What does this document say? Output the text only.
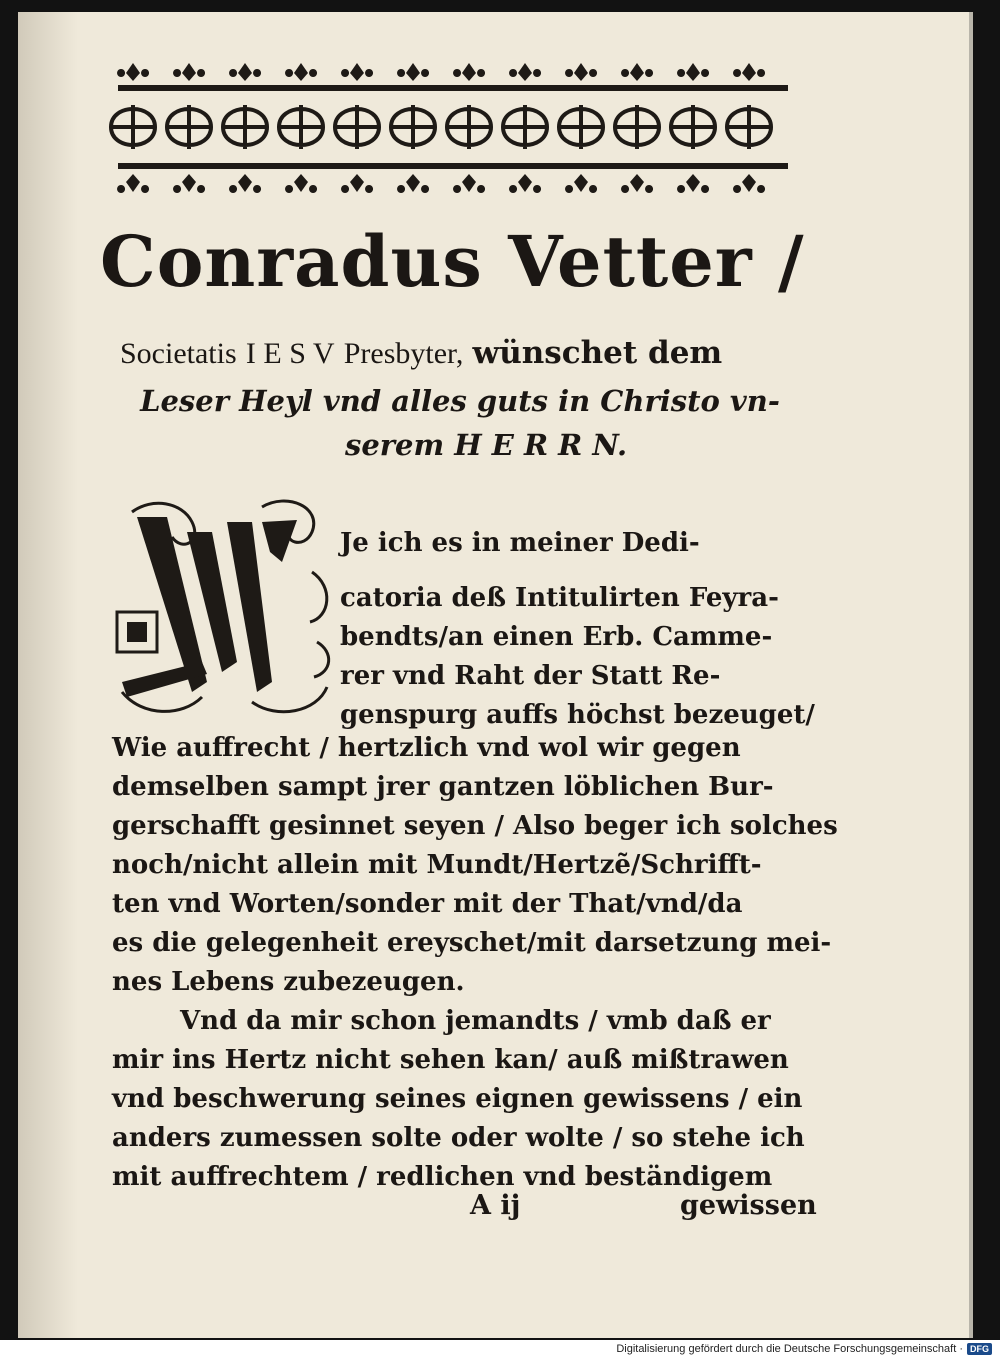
Conradus Vetter /
Societatis I E S V Presbyter, wünschet dem
Leser Heyl vnd alles guts in Christo vn-
serem H E R R N.
Je ich es in meiner Dedi-
catoria deß Intitulirten Feyra-
bendts/an einen Erb. Camme-
rer vnd Raht der Statt Re-
genspurg auffs höchst bezeuget/
Wie auffrecht / hertzlich vnd wol wir gegen
demselben sampt jrer gantzen löblichen Bur-
gerschafft gesinnet seyen / Also beger ich solches
noch/nicht allein mit Mundt/Hertzẽ/Schrifft-
ten vnd Worten/sonder mit der That/vnd/da
es die gelegenheit ereyschet/mit darsetzung mei-
nes Lebens zubezeugen.
Vnd da mir schon jemandts / vmb daß er
mir ins Hertz nicht sehen kan/ auß mißtrawen
vnd beschwerung seines eignen gewissens / ein
anders zumessen solte oder wolte / so stehe ich
mit auffrechtem / redlichen vnd beständigem
A ij	gewissen
Digitalisierung gefördert durch die Deutsche Forschungsgemeinschaft · DFG
